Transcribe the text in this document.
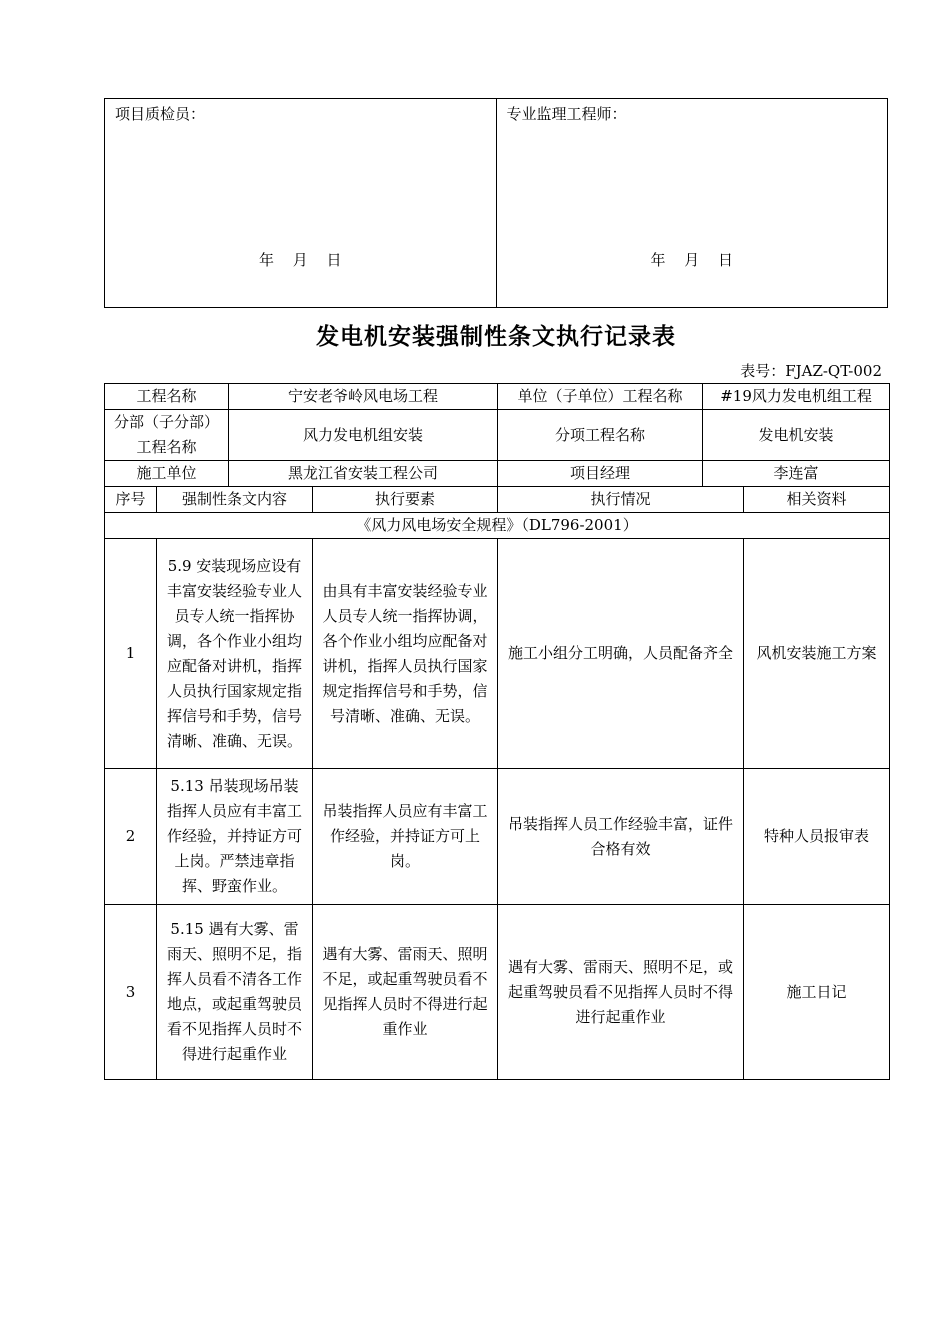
项目质检员：
年 月 日
专业监理工程师：
年 月 日
发电机安装强制性条文执行记录表
表号：FJAZ-QT-002
工程名称		宁安老爷岭风电场工程		单位（子单位）工程名称	#19风力发电机组工程	
分部（子分部）
工程名称		风力发电机组安装		分项工程名称	发电机安装	
施工单位		黑龙江省安装工程公司		项目经理	李连富	
序号	强制性条文内容		执行要素	执行情况		相关资料
《风力风电场安全规程》（DL796-2001）						
1	5.9 安装现场应设有丰富安装经验专业人员专人统一指挥协调，各个作业小组均应配备对讲机，指挥人员执行国家规定指挥信号和手势，信号清晰、准确、无误。		由具有丰富安装经验专业人员专人统一指挥协调，各个作业小组均应配备对讲机，指挥人员执行国家规定指挥信号和手势，信号清晰、准确、无误。	施工小组分工明确，人员配备齐全		风机安装施工方案
2	5.13 吊装现场吊装指挥人员应有丰富工作经验，并持证方可上岗。严禁违章指挥、野蛮作业。		吊装指挥人员应有丰富工作经验，并持证方可上岗。	吊装指挥人员工作经验丰富，证件合格有效		特种人员报审表
3	5.15 遇有大雾、雷雨天、照明不足，指挥人员看不清各工作地点，或起重驾驶员看不见指挥人员时不得进行起重作业		遇有大雾、雷雨天、照明不足，或起重驾驶员看不见指挥人员时不得进行起重作业	遇有大雾、雷雨天、照明不足，或起重驾驶员看不见指挥人员时不得进行起重作业		施工日记
